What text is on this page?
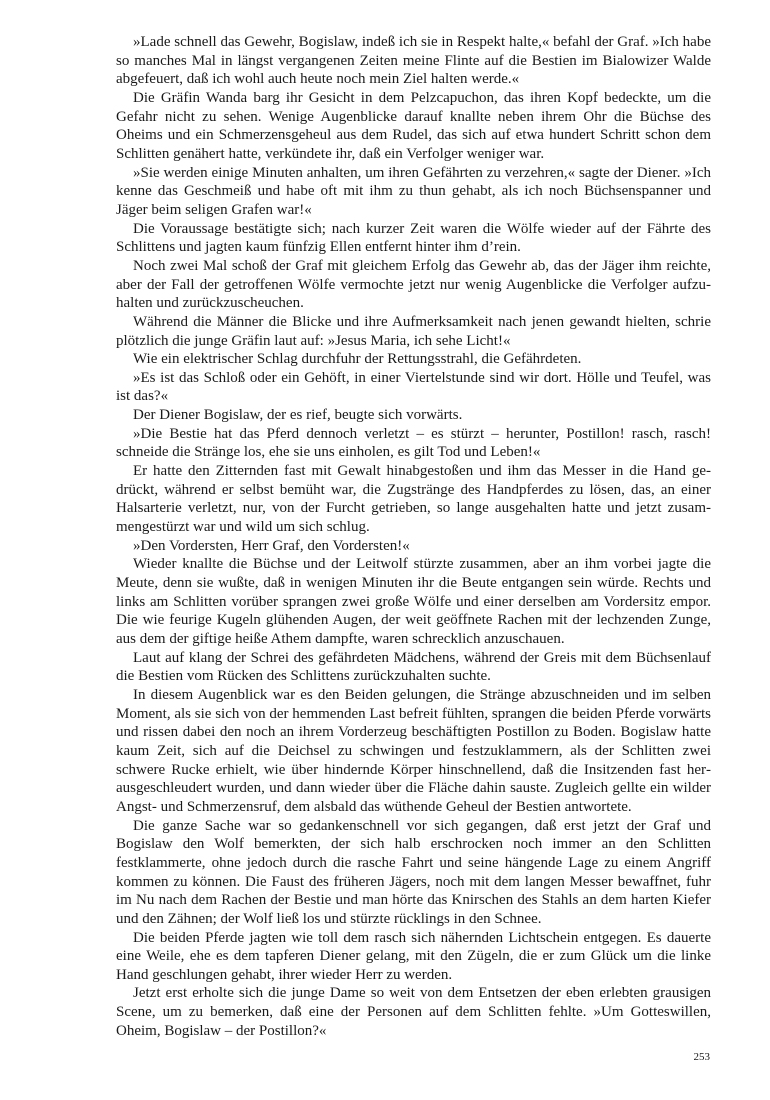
»Lade schnell das Gewehr, Bogislaw, indeß ich sie in Respekt halte,« befahl der Graf. »Ich habe so manches Mal in längst vergangenen Zeiten meine Flinte auf die Bestien im Bialowizer Walde abgefeuert, daß ich wohl auch heute noch mein Ziel halten werde.«

Die Gräfin Wanda barg ihr Gesicht in dem Pelzcapuchon, das ihren Kopf bedeckte, um die Gefahr nicht zu sehen. Wenige Augenblicke darauf knallte neben ihrem Ohr die Büchse des Oheims und ein Schmerzensgeheul aus dem Rudel, das sich auf etwa hundert Schritt schon dem Schlitten genähert hatte, verkündete ihr, daß ein Verfolger weniger war.

»Sie werden einige Minuten anhalten, um ihren Gefährten zu verzehren,« sagte der Diener. »Ich kenne das Geschmeiß und habe oft mit ihm zu thun gehabt, als ich noch Büchsenspanner und Jäger beim seligen Grafen war!«

Die Voraussage bestätigte sich; nach kurzer Zeit waren die Wölfe wieder auf der Fährte des Schlittens und jagten kaum fünfzig Ellen entfernt hinter ihm d’rein.

Noch zwei Mal schoß der Graf mit gleichem Erfolg das Gewehr ab, das der Jäger ihm reichte, aber der Fall der getroffenen Wölfe vermochte jetzt nur wenig Augenblicke die Verfolger aufzuhalten und zurückzuscheuchen.

Während die Männer die Blicke und ihre Aufmerksamkeit nach jenen gewandt hielten, schrie plötzlich die junge Gräfin laut auf: »Jesus Maria, ich sehe Licht!«

Wie ein elektrischer Schlag durchfuhr der Rettungsstrahl, die Gefährdeten.

»Es ist das Schloß oder ein Gehöft, in einer Viertelstunde sind wir dort. Hölle und Teufel, was ist das?«

Der Diener Bogislaw, der es rief, beugte sich vorwärts.

»Die Bestie hat das Pferd dennoch verletzt – es stürzt – herunter, Postillon! rasch, rasch! schneide die Stränge los, ehe sie uns einholen, es gilt Tod und Leben!«

Er hatte den Zitternden fast mit Gewalt hinabgestoßen und ihm das Messer in die Hand gedrückt, während er selbst bemüht war, die Zugstränge des Handpferdes zu lösen, das, an einer Halsarterie verletzt, nur, von der Furcht getrieben, so lange ausgehalten hatte und jetzt zusammengestürzt war und wild um sich schlug.

»Den Vordersten, Herr Graf, den Vordersten!«

Wieder knallte die Büchse und der Leitwolf stürzte zusammen, aber an ihm vorbei jagte die Meute, denn sie wußte, daß in wenigen Minuten ihr die Beute entgangen sein würde. Rechts und links am Schlitten vorüber sprangen zwei große Wölfe und einer derselben am Vordersitz empor. Die wie feurige Kugeln glühenden Augen, der weit geöffnete Rachen mit der lechzenden Zunge, aus dem der giftige heiße Athem dampfte, waren schrecklich anzuschauen.

Laut auf klang der Schrei des gefährdeten Mädchens, während der Greis mit dem Büchsenlauf die Bestien vom Rücken des Schlittens zurückzuhalten suchte.

In diesem Augenblick war es den Beiden gelungen, die Stränge abzuschneiden und im selben Moment, als sie sich von der hemmenden Last befreit fühlten, sprangen die beiden Pferde vorwärts und rissen dabei den noch an ihrem Vorderzeug beschäftigten Postillon zu Boden. Bogislaw hatte kaum Zeit, sich auf die Deichsel zu schwingen und festzuklammern, als der Schlitten zwei schwere Rucke erhielt, wie über hindernde Körper hinschnellend, daß die Insitzenden fast herausgeschleudert wurden, und dann wieder über die Fläche dahin sauste. Zugleich gellte ein wilder Angst- und Schmerzensruf, dem alsbald das wüthende Geheul der Bestien antwortete.

Die ganze Sache war so gedankenschnell vor sich gegangen, daß erst jetzt der Graf und Bogislaw den Wolf bemerkten, der sich halb erschrocken noch immer an den Schlitten festklammerte, ohne jedoch durch die rasche Fahrt und seine hängende Lage zu einem Angriff kommen zu können. Die Faust des früheren Jägers, noch mit dem langen Messer bewaffnet, fuhr im Nu nach dem Rachen der Bestie und man hörte das Knirschen des Stahls an dem harten Kiefer und den Zähnen; der Wolf ließ los und stürzte rücklings in den Schnee.

Die beiden Pferde jagten wie toll dem rasch sich nähernden Lichtschein entgegen. Es dauerte eine Weile, ehe es dem tapferen Diener gelang, mit den Zügeln, die er zum Glück um die linke Hand geschlungen gehabt, ihrer wieder Herr zu werden.

Jetzt erst erholte sich die junge Dame so weit von dem Entsetzen der eben erlebten grausigen Scene, um zu bemerken, daß eine der Personen auf dem Schlitten fehlte. »Um Gotteswillen, Oheim, Bogislaw – der Postillon?«

253
